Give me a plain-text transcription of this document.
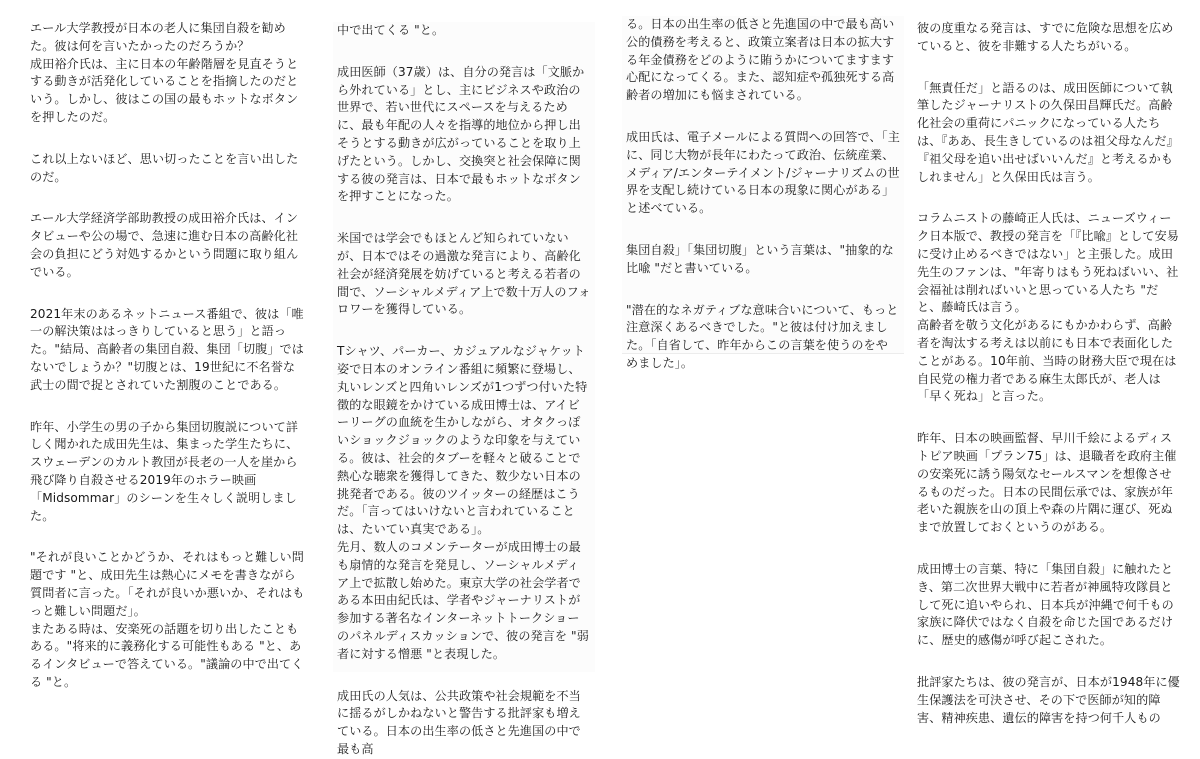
エール大学教授が日本の老人に集団自殺を勧めた。彼は何を言いたかったのだろうか？
成田裕介氏は、主に日本の年齢階層を見直そうとする動きが活発化していることを指摘したのだという。しかし、彼はこの国の最もホットなボタンを押したのだ。

これ以上ないほど、思い切ったことを言い出したのだ。

エール大学経済学部助教授の成田裕介氏は、インタビューや公の場で、急速に進む日本の高齢化社会の負担にどう対処するかという問題に取り組んでいる。

2021年末のあるネットニュース番組で、彼は「唯一の解決策ははっきりしていると思う」と語った。"結局、高齢者の集団自殺、集団「切腹」ではないでしょうか？"切腹とは、19世紀に不名誉な武士の間で捉とされていた割腹のことである。

昨年、小学生の男の子から集団切腹説について詳しく聞かれた成田先生は、集まった学生たちに、スウェーデンのカルト教団が長老の一人を崖から飛び降り自殺させる2019年のホラー映画「Midsommar」のシーンを生々しく説明しました。

"それが良いことかどうか、それはもっと難しい問題です "と、成田先生は熱心にメモを書きながら質問者に言った。「それが良いか悪いか、それはもっと難しい問題だ」。
またある時は、安楽死の話題を切り出したこともある。"将来的に義務化する可能性もある "と、あるインタビューで答えている。"議論の中で出てくる "と。

中で出てくる "と。

成田医師（37歳）は、自分の発言は「文脈から外れている」とし、主にビジネスや政治の世界で、若い世代にスペースを与えるために、最も年配の人々を指導的地位から押し出そうとする動きが広がっていることを取り上げたという。しかし、交換突と社会保障に関する彼の発言は、日本で最もホットなボタンを押すことになった。

米国では学会でもほとんど知られていないが、日本ではその過激な発言により、高齢化社会が経済発展を妨げていると考える若者の間で、ソーシャルメディア上で数十万人のフォロワーを獲得している。

Tシャツ、パーカー、カジュアルなジャケット姿で日本のオンライン番組に頻繁に登場し、丸いレンズと四角いレンズが1つずつ付いた特徴的な眼鏡をかけている成田博士は、アイビーリーグの血統を生かしながら、オタクっぽいショックジョックのような印象を与えている。彼は、社会的タブーを軽々と破ることで熱心な聴衆を獲得してきた、数少ない日本の挑発者である。彼のツイッターの経歴はこうだ。「言ってはいけないと言われていることは、たいてい真実である」。
先月、数人のコメンテーターが成田博士の最も扇情的な発言を発見し、ソーシャルメディア上で拡散し始めた。東京大学の社会学者である本田由紀氏は、学者やジャーナリストが参加する著名なインターネットトークショーのパネルディスカッションで、彼の発言を "弱者に対する憎悪 "と表現した。

成田氏の人気は、公共政策や社会規範を不当に揺るがしかねないと警告する批評家も増えている。日本の出生率の低さと先進国の中で最も高

る。日本の出生率の低さと先進国の中で最も高い公的債務を考えると、政策立案者は日本の拡大する年金債務をどのように賄うかについてますます心配になってくる。また、認知症や孤独死する高齢者の増加にも悩まされている。

成田氏は、電子メールによる質問への回答で、「主に、同じ大物が長年にわたって政治、伝統産業、メディア/エンターテイメント/ジャーナリズムの世界を支配し続けている日本の現象に関心がある」と述べている。

集団自殺」「集団切腹」という言葉は、"抽象的な比喩 "だと書いている。

"潜在的なネガティブな意味合いについて、もっと注意深くあるべきでした。"と彼は付け加えました。「自省して、昨年からこの言葉を使うのをやめました」。

彼の度重なる発言は、すでに危険な思想を広めていると、彼を非難する人たちがいる。

「無責任だ」と語るのは、成田医師について執筆したジャーナリストの久保田昌輝氏だ。高齢化社会の重荷にパニックになっている人たちは、『ああ、長生きしているのは祖父母なんだ』『祖父母を追い出せばいいんだ』と考えるかもしれません」と久保田氏は言う。

コラムニストの藤崎正人氏は、ニューズウィーク日本版で、教授の発言を「『比喩』として安易に受け止めるべきではない」と主張した。成田先生のファンは、"年寄りはもう死ねばいい、社会福祉は削ればいいと思っている人たち "だと、藤崎氏は言う。
高齢者を敬う文化があるにもかかわらず、高齢者を淘汰する考えは以前にも日本で表面化したことがある。10年前、当時の財務大臣で現在は自民党の権力者である麻生太郎氏が、老人は「早く死ね」と言った。

昨年、日本の映画監督、早川千絵によるディストピア映画「プラン75」は、退職者を政府主催の安楽死に誘う陽気なセールスマンを想像させるものだった。日本の民間伝承では、家族が年老いた親族を山の頂上や森の片隅に運び、死ぬまで放置しておくというのがある。

成田博士の言葉、特に「集団自殺」に触れたとき、第二次世界大戦中に若者が神風特攻隊員として死に追いやられ、日本兵が沖縄で何千もの家族に降伏ではなく自殺を命じた国であるだけに、歴史的感傷が呼び起こされた。

批評家たちは、彼の発言が、日本が1948年に優生保護法を可決させ、その下で医師が知的障害、精神疾患、遺伝的障害を持つ何千人もの
